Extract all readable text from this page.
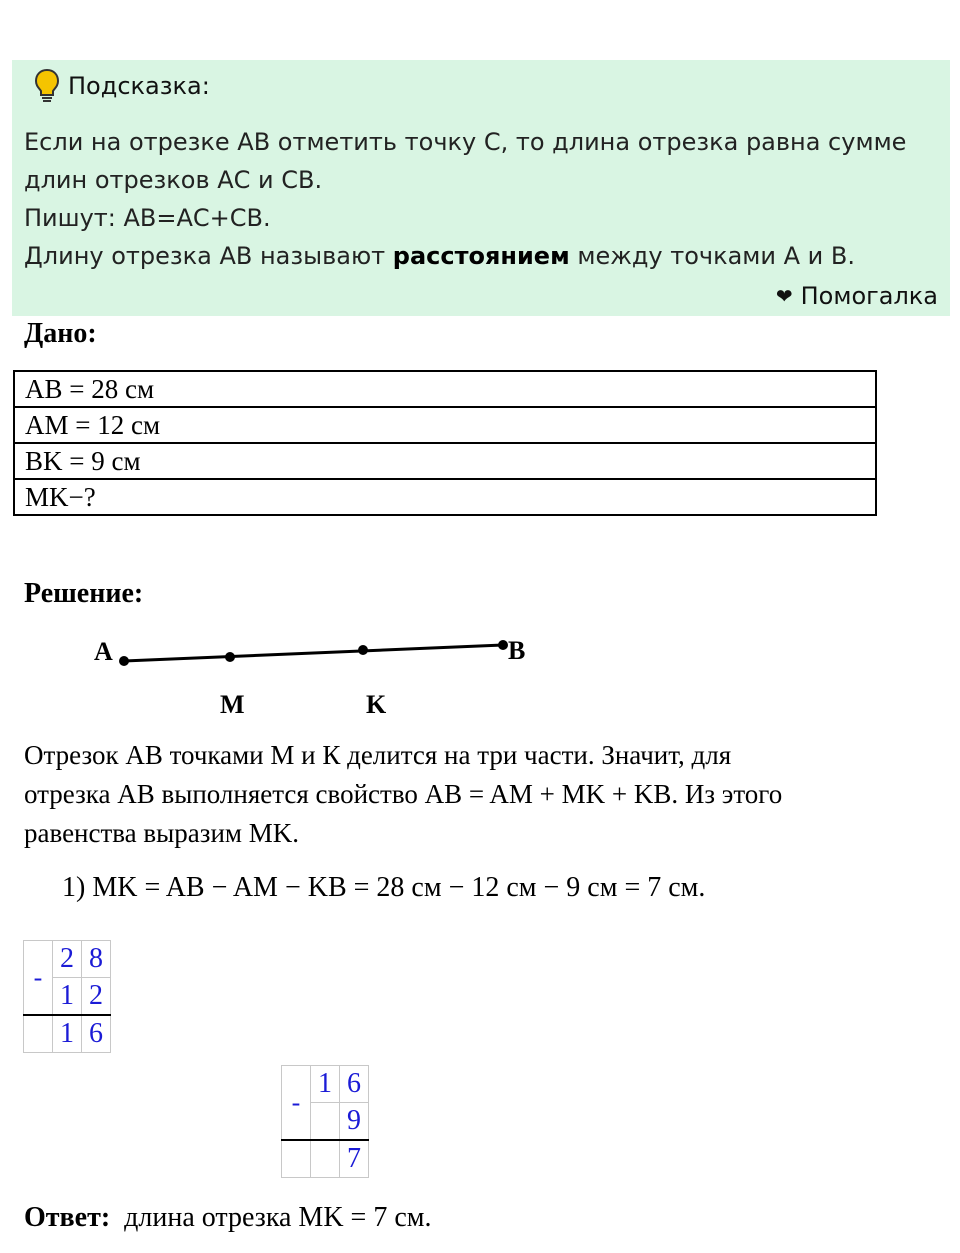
Подсказка:
Если на отрезке АВ отметить точку С, то длина отрезка равна сумме
длин отрезков АС и СВ.
Пишут: АВ=АС+СВ.
Длину отрезка АВ называют расстоянием между точками А и В.
❤ Помогалка
Дано:
AB = 28 см
AM = 12 см
BK = 9 см
MK−?
Решение:
A
M	K
B
Отрезок АВ точками М и К делится на три части. Значит, для
отрезка АВ выполняется свойство AB = AM + MK + KB. Из этого
равенства выразим MK.
1) MK = AB − AM − KB = 28 см − 12 см − 9 см = 7 см.
-	2	8
	1	2
	1	6
-	1	6
		9
		7
Ответ:  длина отрезка MK = 7 см.
